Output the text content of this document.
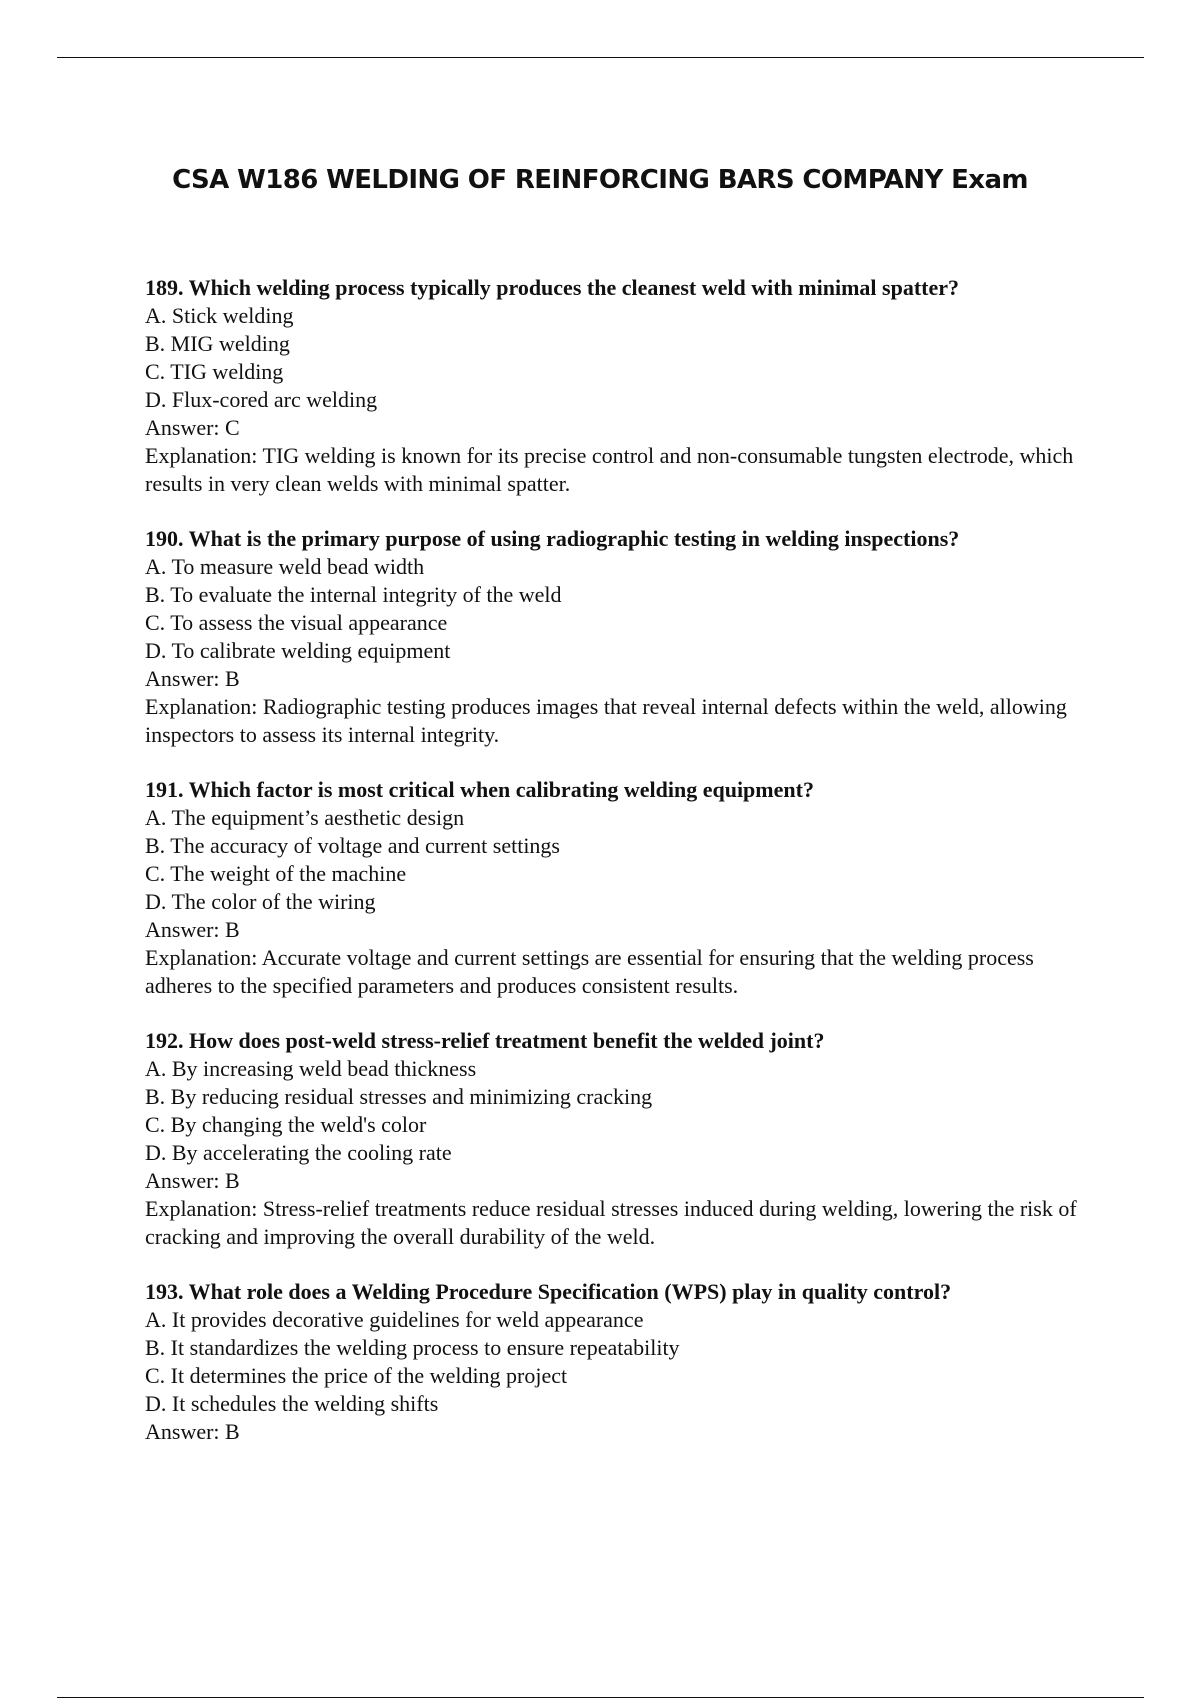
CSA W186 WELDING OF REINFORCING BARS COMPANY Exam

189. Which welding process typically produces the cleanest weld with minimal spatter?

A. Stick welding

B. MIG welding

C. TIG welding

D. Flux-cored arc welding

Answer: C

Explanation: TIG welding is known for its precise control and non-consumable tungsten electrode, which results in very clean welds with minimal spatter.

190. What is the primary purpose of using radiographic testing in welding inspections?

A. To measure weld bead width

B. To evaluate the internal integrity of the weld

C. To assess the visual appearance

D. To calibrate welding equipment

Answer: B

Explanation: Radiographic testing produces images that reveal internal defects within the weld, allowing inspectors to assess its internal integrity.

191. Which factor is most critical when calibrating welding equipment?

A. The equipment’s aesthetic design

B. The accuracy of voltage and current settings

C. The weight of the machine

D. The color of the wiring

Answer: B

Explanation: Accurate voltage and current settings are essential for ensuring that the welding process adheres to the specified parameters and produces consistent results.

192. How does post-weld stress-relief treatment benefit the welded joint?

A. By increasing weld bead thickness

B. By reducing residual stresses and minimizing cracking

C. By changing the weld's color

D. By accelerating the cooling rate

Answer: B

Explanation: Stress-relief treatments reduce residual stresses induced during welding, lowering the risk of cracking and improving the overall durability of the weld.

193. What role does a Welding Procedure Specification (WPS) play in quality control?

A. It provides decorative guidelines for weld appearance

B. It standardizes the welding process to ensure repeatability

C. It determines the price of the welding project

D. It schedules the welding shifts

Answer: B
